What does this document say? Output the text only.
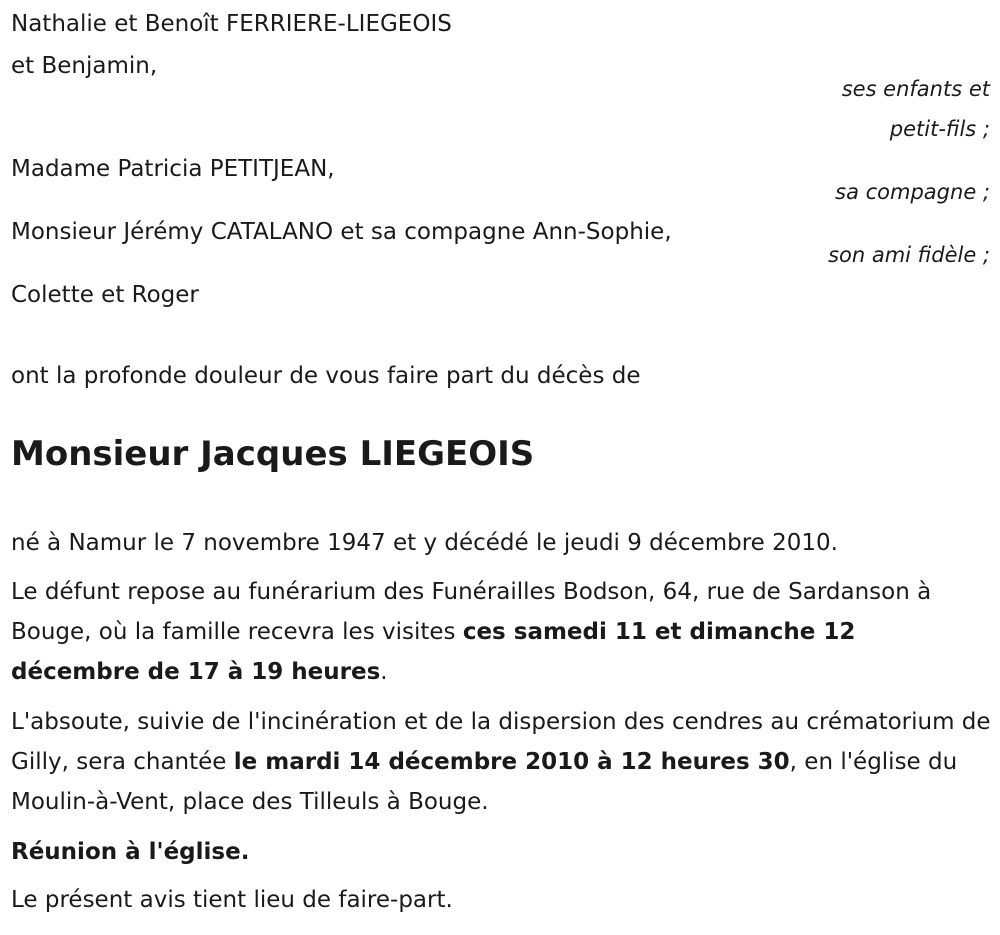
Nathalie et Benoît FERRIERE-LIEGEOIS
et Benjamin,
ses enfants et
petit-fils ;
Madame Patricia PETITJEAN,
sa compagne ;
Monsieur Jérémy CATALANO et sa compagne Ann-Sophie,
son ami fidèle ;
Colette et Roger
ont la profonde douleur de vous faire part du décès de
Monsieur Jacques LIEGEOIS
né à Namur le 7 novembre 1947 et y décédé le jeudi 9 décembre 2010.
Le défunt repose au funérarium des Funérailles Bodson, 64, rue de Sardanson à Bouge, où la famille recevra les visites ces samedi 11 et dimanche 12 décembre de 17 à 19 heures.
L'absoute, suivie de l'incinération et de la dispersion des cendres au crématorium de Gilly, sera chantée le mardi 14 décembre 2010 à 12 heures 30, en l'église du Moulin-à-Vent, place des Tilleuls à Bouge.
Réunion à l'église.
Le présent avis tient lieu de faire-part.
